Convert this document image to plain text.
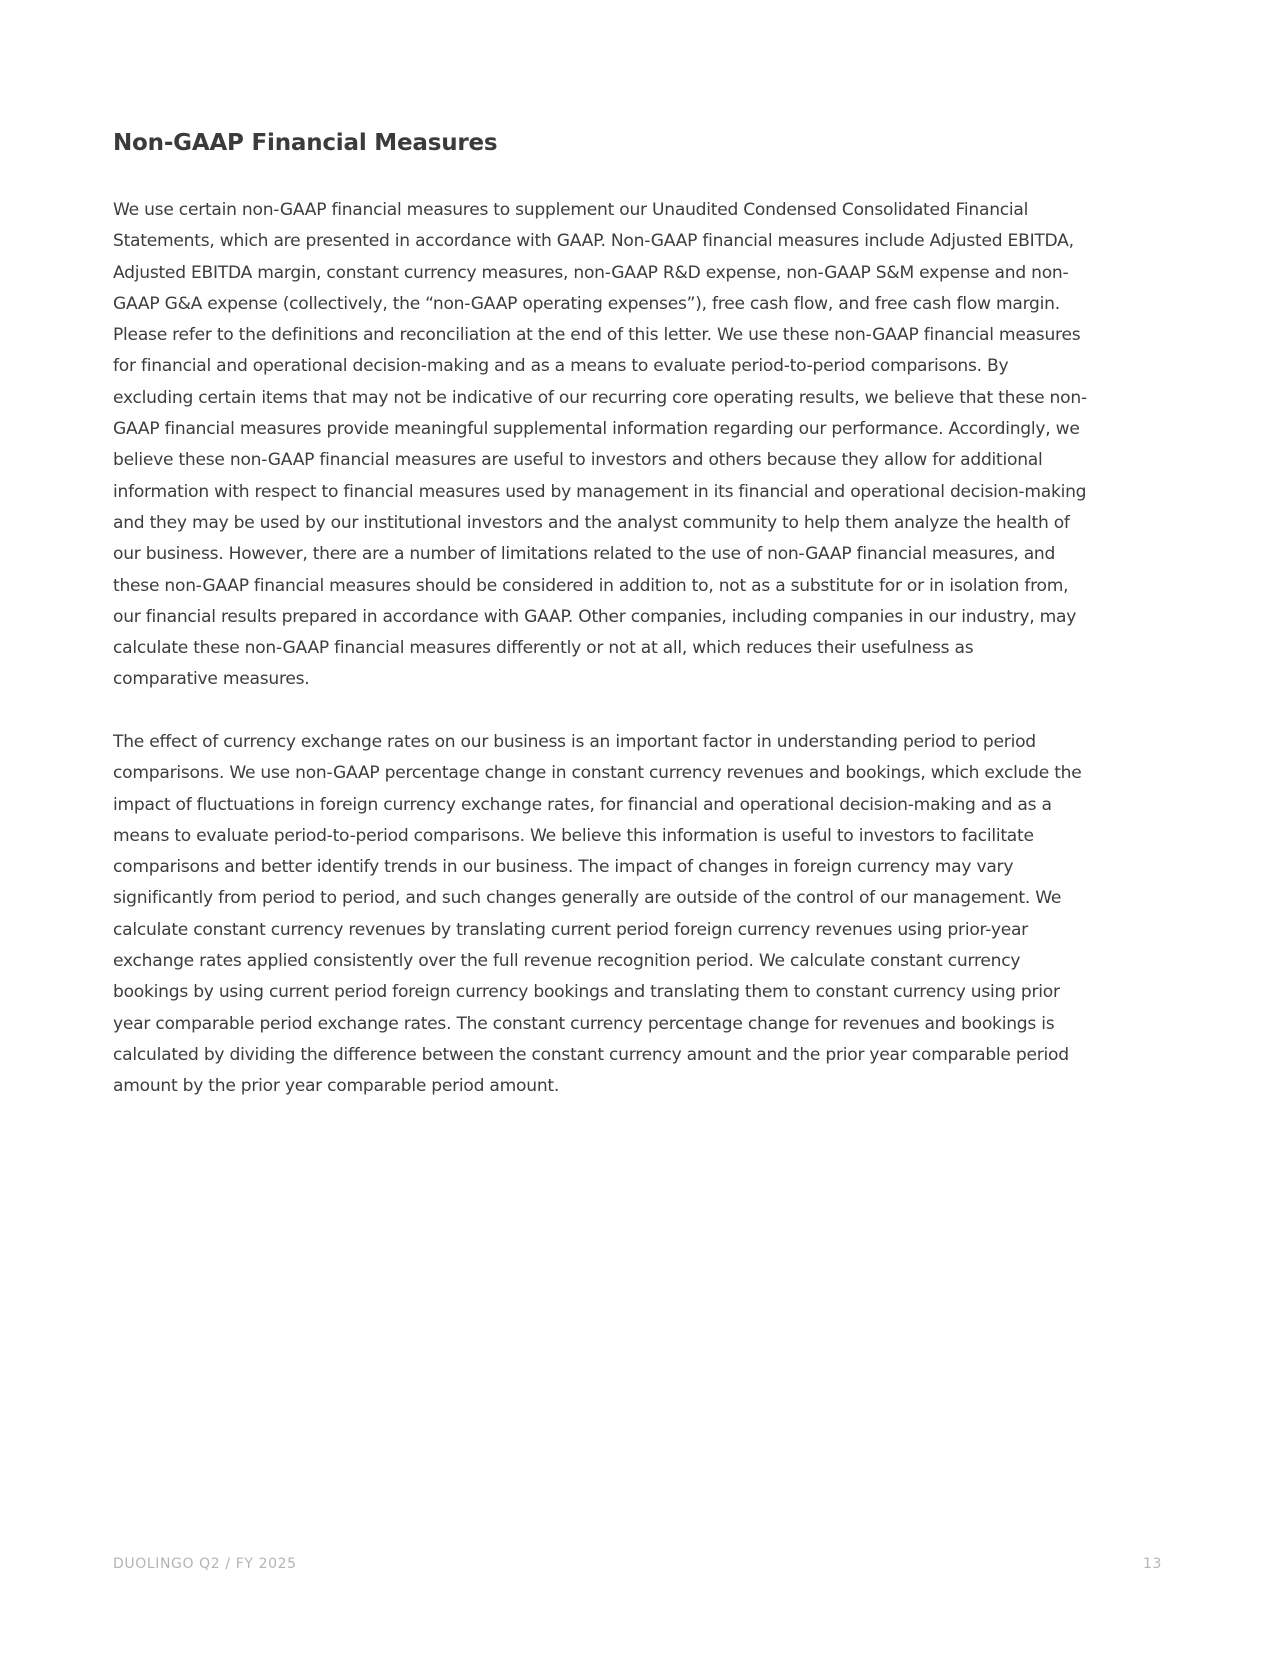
Non-GAAP Financial Measures

We use certain non-GAAP financial measures to supplement our Unaudited Condensed Consolidated Financial
Statements, which are presented in accordance with GAAP. Non-GAAP financial measures include Adjusted EBITDA,
Adjusted EBITDA margin, constant currency measures, non-GAAP R&D expense, non-GAAP S&M expense and non-
GAAP G&A expense (collectively, the “non-GAAP operating expenses”), free cash flow, and free cash flow margin.
Please refer to the definitions and reconciliation at the end of this letter. We use these non-GAAP financial measures
for financial and operational decision-making and as a means to evaluate period-to-period comparisons. By
excluding certain items that may not be indicative of our recurring core operating results, we believe that these non-
GAAP financial measures provide meaningful supplemental information regarding our performance. Accordingly, we
believe these non-GAAP financial measures are useful to investors and others because they allow for additional
information with respect to financial measures used by management in its financial and operational decision-making
and they may be used by our institutional investors and the analyst community to help them analyze the health of
our business. However, there are a number of limitations related to the use of non-GAAP financial measures, and
these non-GAAP financial measures should be considered in addition to, not as a substitute for or in isolation from,
our financial results prepared in accordance with GAAP. Other companies, including companies in our industry, may
calculate these non-GAAP financial measures differently or not at all, which reduces their usefulness as
comparative measures.

The effect of currency exchange rates on our business is an important factor in understanding period to period
comparisons. We use non-GAAP percentage change in constant currency revenues and bookings, which exclude the
impact of fluctuations in foreign currency exchange rates, for financial and operational decision-making and as a
means to evaluate period-to-period comparisons. We believe this information is useful to investors to facilitate
comparisons and better identify trends in our business. The impact of changes in foreign currency may vary
significantly from period to period, and such changes generally are outside of the control of our management. We
calculate constant currency revenues by translating current period foreign currency revenues using prior-year
exchange rates applied consistently over the full revenue recognition period. We calculate constant currency
bookings by using current period foreign currency bookings and translating them to constant currency using prior
year comparable period exchange rates. The constant currency percentage change for revenues and bookings is
calculated by dividing the difference between the constant currency amount and the prior year comparable period
amount by the prior year comparable period amount.

DUOLINGO Q2 / FY 2025	13
